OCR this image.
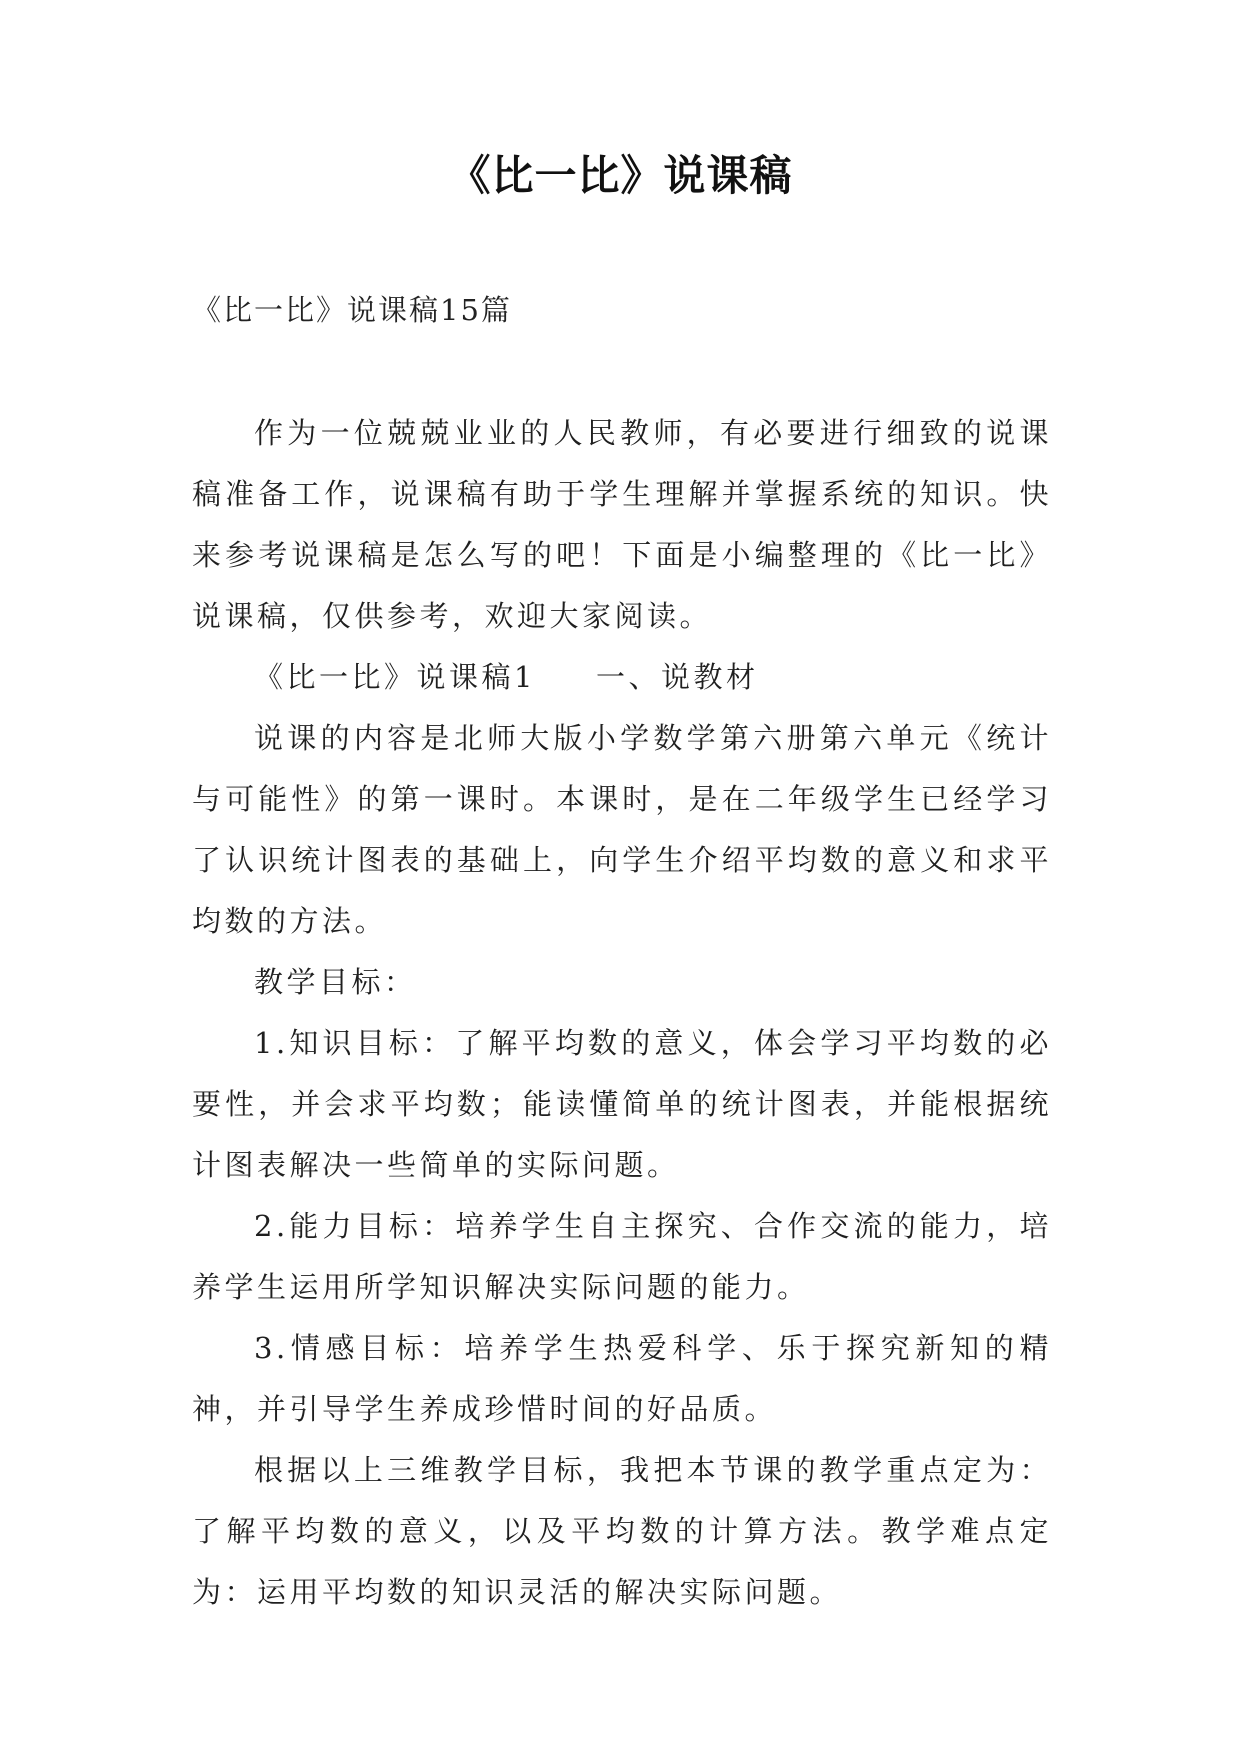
《比一比》说课稿
《比一比》说课稿15篇

作为一位兢兢业业的人民教师，有必要进行细致的说课稿准备工作，说课稿有助于学生理解并掌握系统的知识。快来参考说课稿是怎么写的吧！下面是小编整理的《比一比》说课稿，仅供参考，欢迎大家阅读。

《比一比》说课稿1 一、说教材

说课的内容是北师大版小学数学第六册第六单元《统计与可能性》的第一课时。本课时，是在二年级学生已经学习了认识统计图表的基础上，向学生介绍平均数的意义和求平均数的方法。

教学目标：

1.知识目标：了解平均数的意义，体会学习平均数的必要性，并会求平均数；能读懂简单的统计图表，并能根据统计图表解决一些简单的实际问题。

2.能力目标：培养学生自主探究、合作交流的能力，培养学生运用所学知识解决实际问题的能力。

3.情感目标：培养学生热爱科学、乐于探究新知的精神，并引导学生养成珍惜时间的好品质。

根据以上三维教学目标，我把本节课的教学重点定为：了解平均数的意义，以及平均数的计算方法。教学难点定为：运用平均数的知识灵活的解决实际问题。
